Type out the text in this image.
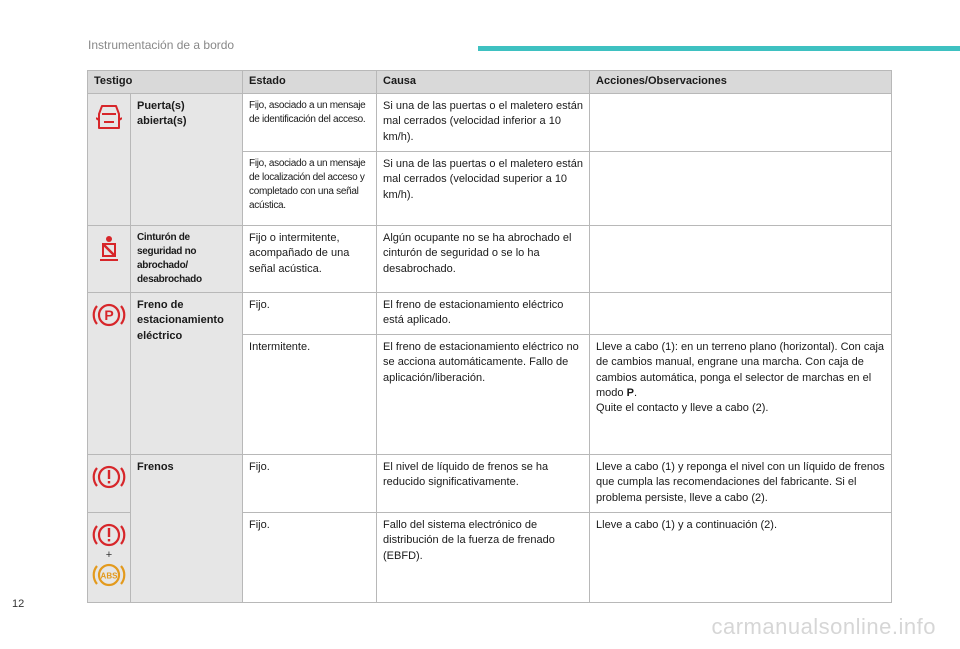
Instrumentación de a bordo
Testigo		Estado	Causa	Acciones/Observaciones

	Puerta(s) abierta(s)	Fijo, asociado a un mensaje de identificación del acceso.	Si una de las puertas o el maletero están mal cerrados (velocidad inferior a 10 km/h).	
		Fijo, asociado a un mensaje de localización del acceso y completado con una señal acústica.	Si una de las puertas o el maletero están mal cerrados (velocidad superior a 10 km/h).	

	Cinturón de seguridad no abrochado/ desabrochado	Fijo o intermitente, acompañado de una señal acústica.	Algún ocupante no se ha abrochado el cinturón de seguridad o se lo ha desabrochado.	

P	Freno de estacionamiento eléctrico	Fijo.	El freno de estacionamiento eléctrico está aplicado.	
		Intermitente.	El freno de estacionamiento eléctrico no se acciona automáticamente. Fallo de aplicación/liberación.	Lleve a cabo (1): en un terreno plano (horizontal). Con caja de cambios manual, engrane una marcha. Con caja de cambios automática, ponga el selector de marchas en el modo P.
Quite el contacto y lleve a cabo (2).

	Frenos	Fijo.	El nivel de líquido de frenos se ha reducido significativamente.	Lleve a cabo (1) y reponga el nivel con un líquido de frenos que cumpla las recomendaciones del fabricante. Si el problema persiste, lleve a cabo (2).

+
ABS		Fijo.	Fallo del sistema electrónico de distribución de la fuerza de frenado (EBFD).	Lleve a cabo (1) y a continuación (2).
12
carmanualsonline.info
